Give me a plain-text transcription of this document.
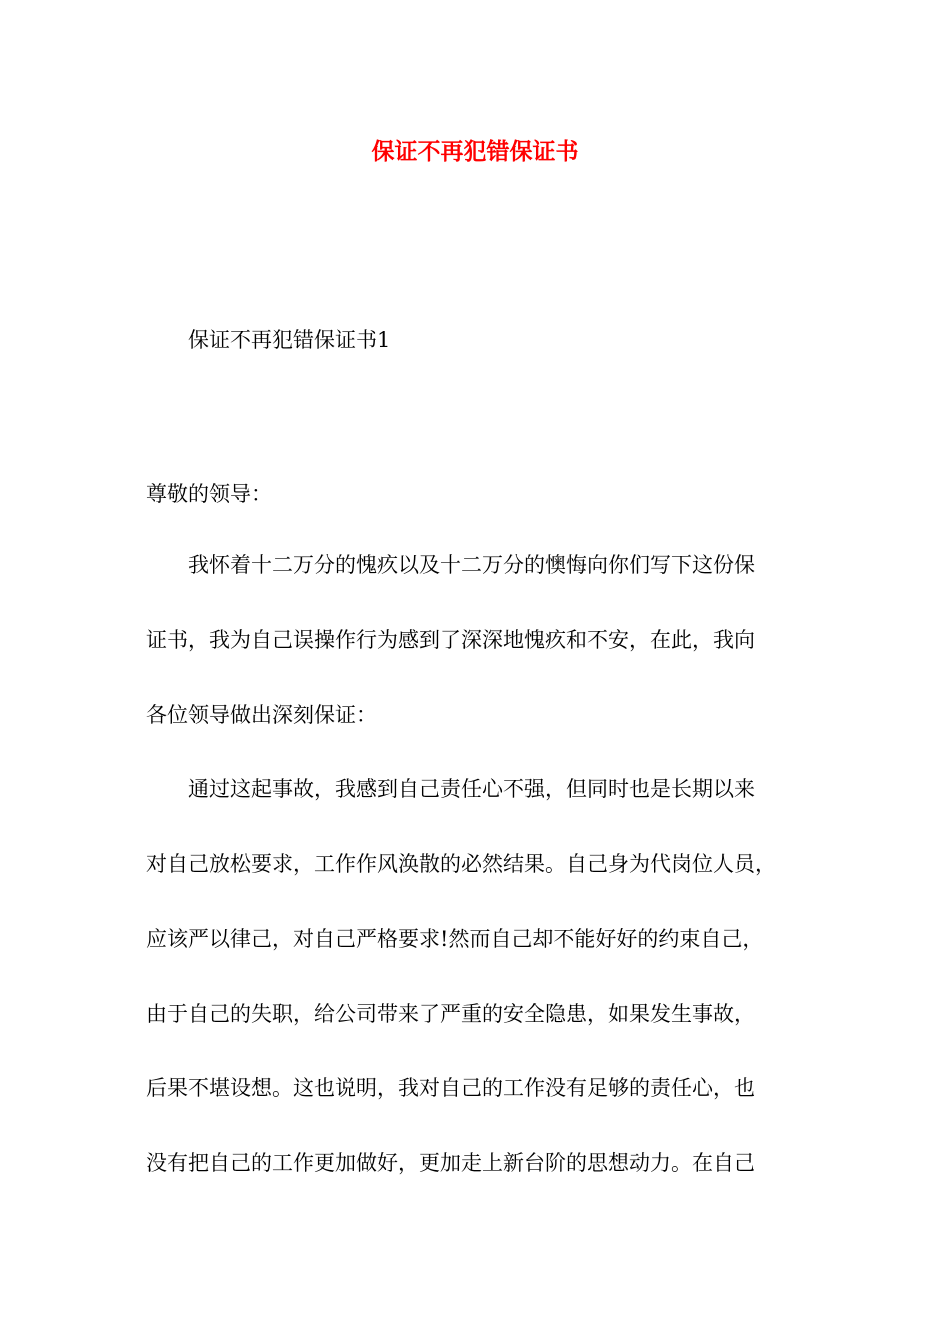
保证不再犯错保证书

保证不再犯错保证书1

尊敬的领导：

我怀着十二万分的愧疚以及十二万分的懊悔向你们写下这份保

证书，我为自己误操作行为感到了深深地愧疚和不安，在此，我向

各位领导做出深刻保证：

通过这起事故，我感到自己责任心不强，但同时也是长期以来

对自己放松要求，工作作风涣散的必然结果。自己身为代岗位人员，

应该严以律己，对自己严格要求!然而自己却不能好好的约束自己，

由于自己的失职，给公司带来了严重的安全隐患，如果发生事故，

后果不堪设想。这也说明，我对自己的工作没有足够的责任心，也

没有把自己的工作更加做好，更加走上新台阶的思想动力。在自己
